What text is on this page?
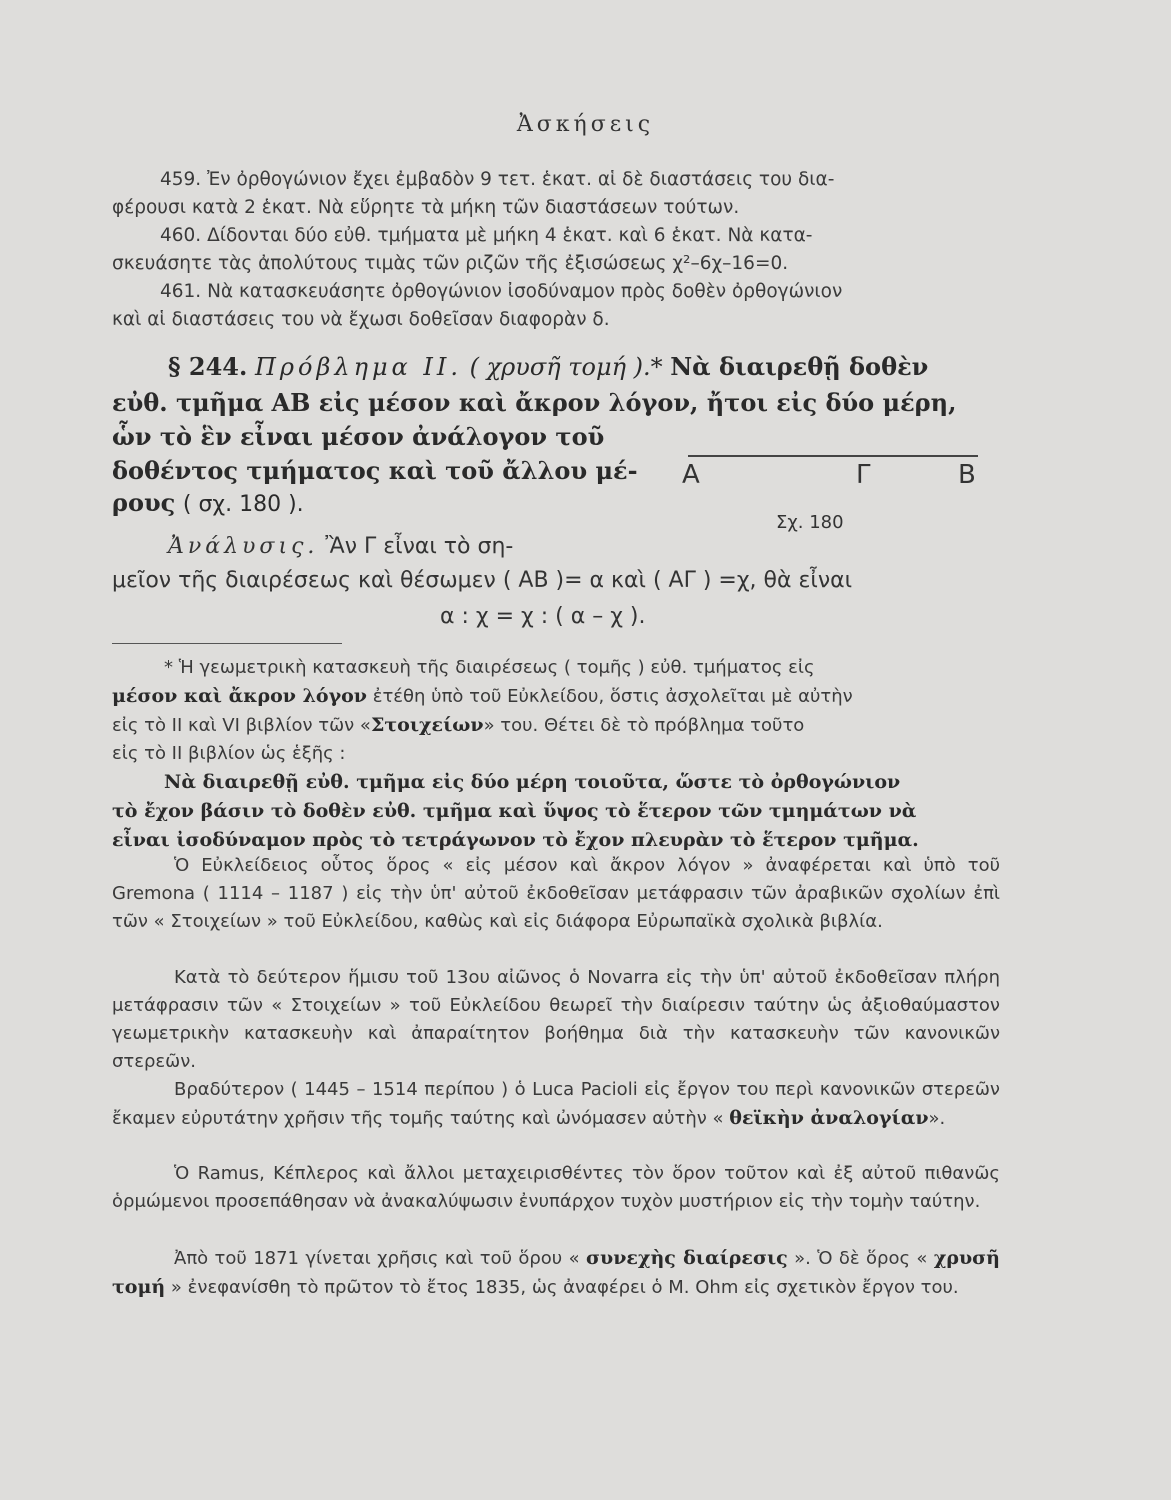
Ἀσκήσεις
459. Ἐν ὀρθογώνιον ἔχει ἐμβαδὸν 9 τετ. ἑκατ. αἱ δὲ διαστάσεις του δια-
φέρουσι κατὰ 2 ἑκατ. Νὰ εὕρητε τὰ μήκη τῶν διαστάσεων τούτων.
460. Δίδονται δύο εὐθ. τμήματα μὲ μήκη 4 ἑκατ. καὶ 6 ἑκατ. Νὰ κατα-
σκευάσητε τὰς ἀπολύτους τιμὰς τῶν ριζῶν τῆς ἐξισώσεως χ²–6χ–16=0.
461. Νὰ κατασκευάσητε ὀρθογώνιον ἰσοδύναμον πρὸς δοθὲν ὀρθογώνιον
καὶ αἱ διαστάσεις του νὰ ἔχωσι δοθεῖσαν διαφορὰν δ.
§ 244. Πρόβλημα ΙΙ. ( χρυσῆ τομή ).* Νὰ διαιρεθῇ δοθὲν
εὐθ. τμῆμα ΑΒ εἰς μέσον καὶ ἄκρον λόγον, ἤτοι εἰς δύο μέρη,
ὧν τὸ ἓν εἶναι μέσον ἀνάλογον τοῦ
δοθέντος τμήματος καὶ τοῦ ἄλλου μέ-
ρους ( σχ. 180 ).
Α	Γ	Β
Σχ. 180
Ἀνάλυσις. Ἂν Γ εἶναι τὸ ση-
μεῖον τῆς διαιρέσεως καὶ θέσωμεν ( ΑΒ )= α καὶ ( ΑΓ ) =χ, θὰ εἶναι
α : χ = χ : ( α – χ ).
* Ἡ γεωμετρικὴ κατασκευὴ τῆς διαιρέσεως ( τομῆς ) εὐθ. τμήματος εἰς
μέσον καὶ ἄκρον λόγον ἐτέθη ὑπὸ τοῦ Εὐκλείδου, ὅστις ἀσχολεῖται μὲ αὐτὴν
εἰς τὸ ΙΙ καὶ VI βιβλίον τῶν «Στοιχείων» του. Θέτει δὲ τὸ πρόβλημα τοῦτο
εἰς τὸ ΙΙ βιβλίον ὡς ἑξῆς :
Νὰ διαιρεθῇ εὐθ. τμῆμα εἰς δύο μέρη τοιοῦτα, ὥστε τὸ ὀρθογώνιον
τὸ ἔχον βάσιν τὸ δοθὲν εὐθ. τμῆμα καὶ ὕψος τὸ ἕτερον τῶν τμημάτων νὰ
εἶναι ἰσοδύναμον πρὸς τὸ τετράγωνον τὸ ἔχον πλευρὰν τὸ ἕτερον τμῆμα.
Ὁ Εὐκλείδειος οὗτος ὅρος « εἰς μέσον καὶ ἄκρον λόγον » ἀναφέρεται καὶ ὑπὸ τοῦ Gremona ( 1114 – 1187 ) εἰς τὴν ὑπ' αὐτοῦ ἐκδοθεῖσαν μετάφρασιν τῶν ἀραβικῶν σχολίων ἐπὶ τῶν « Στοιχείων » τοῦ Εὐκλείδου, καθὼς καὶ εἰς διάφορα Εὐρωπαϊκὰ σχολικὰ βιβλία.
Κατὰ τὸ δεύτερον ἥμισυ τοῦ 13ου αἰῶνος ὁ Novarra εἰς τὴν ὑπ' αὐτοῦ ἐκδοθεῖσαν πλήρη μετάφρασιν τῶν « Στοιχείων » τοῦ Εὐκλείδου θεωρεῖ τὴν διαίρεσιν ταύτην ὡς ἀξιοθαύμαστον γεωμετρικὴν κατασκευὴν καὶ ἀπαραίτητον βοήθημα διὰ τὴν κατασκευὴν τῶν κανονικῶν στερεῶν.
Βραδύτερον ( 1445 – 1514 περίπου ) ὁ Luca Pacioli εἰς ἔργον του περὶ κανονικῶν στερεῶν ἔκαμεν εὐρυτάτην χρῆσιν τῆς τομῆς ταύτης καὶ ὠνόμασεν αὐτὴν « θεϊκὴν ἀναλογίαν».
Ὁ Ramus, Κέπλερος καὶ ἄλλοι μεταχειρισθέντες τὸν ὅρον τοῦτον καὶ ἐξ αὐτοῦ πιθανῶς ὁρμώμενοι προσεπάθησαν νὰ ἀνακαλύψωσιν ἐνυπάρχον τυχὸν μυστήριον εἰς τὴν τομὴν ταύτην.
Ἀπὸ τοῦ 1871 γίνεται χρῆσις καὶ τοῦ ὅρου « συνεχὴς διαίρεσις ». Ὁ δὲ ὅρος « χρυσῆ τομή » ἐνεφανίσθη τὸ πρῶτον τὸ ἔτος 1835, ὡς ἀναφέρει ὁ M. Ohm εἰς σχετικὸν ἔργον του.
